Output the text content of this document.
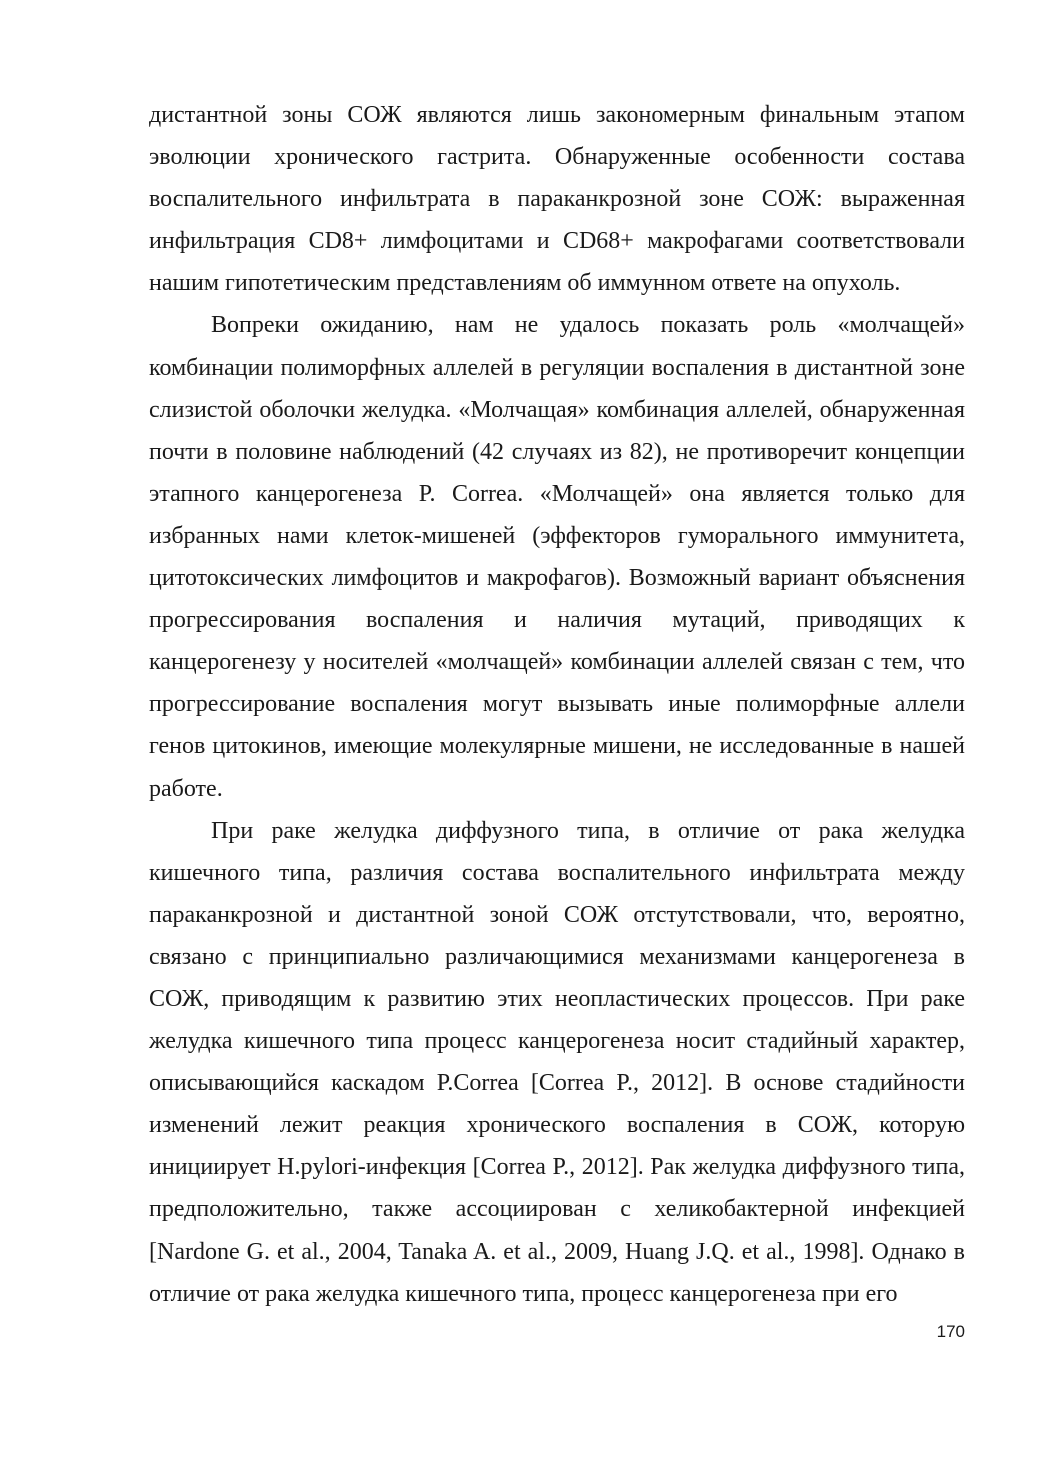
дистантной зоны СОЖ являются лишь закономерным финальным этапом эволюции хронического гастрита. Обнаруженные особенности состава воспалительного инфильтрата в параканкрозной зоне СОЖ: выраженная инфильтрация CD8+ лимфоцитами и CD68+ макрофагами соответствовали нашим гипотетическим представлениям об иммунном ответе на опухоль.

Вопреки ожиданию, нам не удалось показать роль «молчащей» комбинации полиморфных аллелей в регуляции воспаления в дистантной зоне слизистой оболочки желудка. «Молчащая» комбинация аллелей, обнаруженная почти в половине наблюдений (42 случаях из 82), не противоречит концепции этапного канцерогенеза P. Correa. «Молчащей» она является только для избранных нами клеток-мишеней (эффекторов гуморального иммунитета, цитотоксических лимфоцитов и макрофагов). Возможный вариант объяснения прогрессирования воспаления и наличия мутаций, приводящих к канцерогенезу у носителей «молчащей» комбинации аллелей связан с тем, что прогрессирование воспаления могут вызывать иные полиморфные аллели генов цитокинов, имеющие молекулярные мишени, не исследованные в нашей работе.

При раке желудка диффузного типа, в отличие от рака желудка кишечного типа, различия состава воспалительного инфильтрата между параканкрозной и дистантной зоной СОЖ отстутствовали, что, вероятно, связано с принципиально различающимися механизмами канцерогенеза в СОЖ, приводящим к развитию этих неопластических процессов. При раке желудка кишечного типа процесс канцерогенеза носит стадийный характер, описывающийся каскадом P.Correa [Correa P., 2012]. В основе стадийности изменений лежит реакция хронического воспаления в СОЖ, которую инициирует H.pylori-инфекция [Correa P., 2012]. Рак желудка диффузного типа, предположительно, также ассоциирован с хеликобактерной инфекцией [Nardone G. et al., 2004, Tanaka A. et al., 2009, Huang J.Q. et al., 1998]. Однако в отличие от рака желудка кишечного типа, процесс канцерогенеза при его

170
